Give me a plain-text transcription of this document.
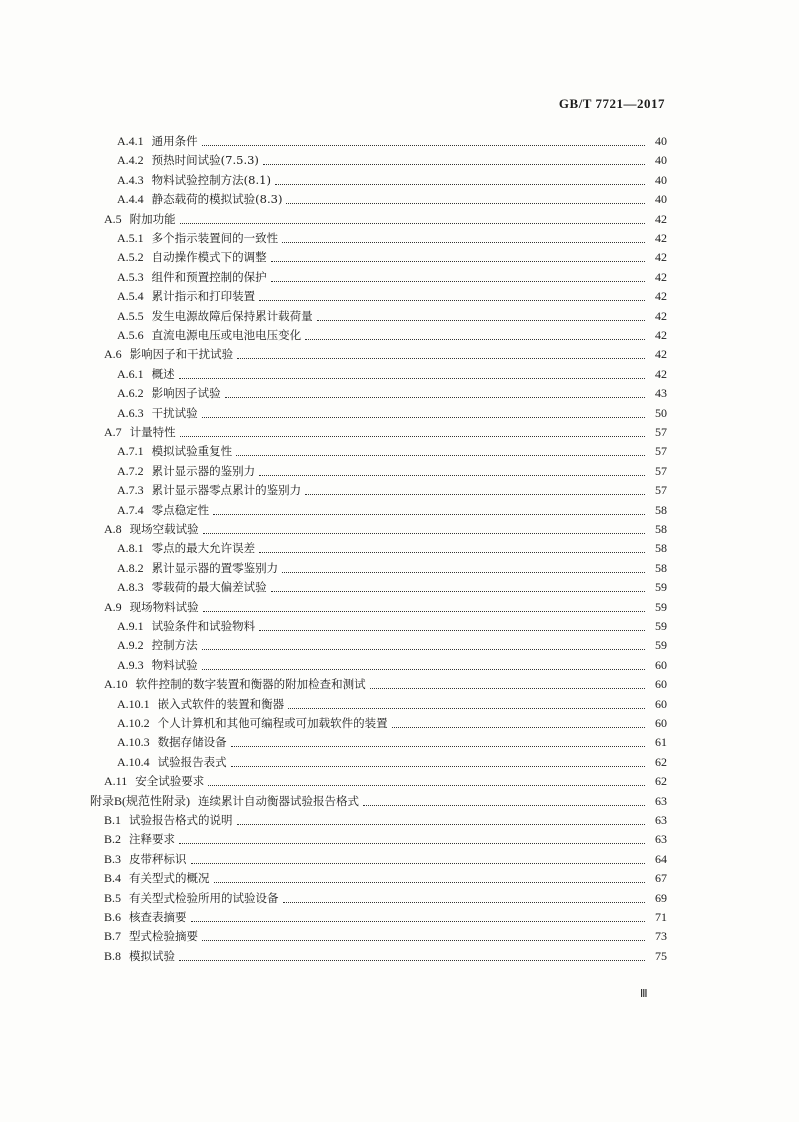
GB/T 7721—2017
A.4.1 通用条件	40
A.4.2 预热时间试验(7.5.3)	40
A.4.3 物料试验控制方法(8.1)	40
A.4.4 静态载荷的模拟试验(8.3)	40
A.5 附加功能	42
A.5.1 多个指示装置间的一致性	42
A.5.2 自动操作模式下的调整	42
A.5.3 组件和预置控制的保护	42
A.5.4 累计指示和打印装置	42
A.5.5 发生电源故障后保持累计载荷量	42
A.5.6 直流电源电压或电池电压变化	42
A.6 影响因子和干扰试验	42
A.6.1 概述	42
A.6.2 影响因子试验	43
A.6.3 干扰试验	50
A.7 计量特性	57
A.7.1 模拟试验重复性	57
A.7.2 累计显示器的鉴别力	57
A.7.3 累计显示器零点累计的鉴别力	57
A.7.4 零点稳定性	58
A.8 现场空载试验	58
A.8.1 零点的最大允许误差	58
A.8.2 累计显示器的置零鉴别力	58
A.8.3 零载荷的最大偏差试验	59
A.9 现场物料试验	59
A.9.1 试验条件和试验物料	59
A.9.2 控制方法	59
A.9.3 物料试验	60
A.10 软件控制的数字装置和衡器的附加检查和测试	60
A.10.1 嵌入式软件的装置和衡器	60
A.10.2 个人计算机和其他可编程或可加载软件的装置	60
A.10.3 数据存储设备	61
A.10.4 试验报告表式	62
A.11 安全试验要求	62
附录B(规范性附录) 连续累计自动衡器试验报告格式	63
B.1 试验报告格式的说明	63
B.2 注释要求	63
B.3 皮带秤标识	64
B.4 有关型式的概况	67
B.5 有关型式检验所用的试验设备	69
B.6 核查表摘要	71
B.7 型式检验摘要	73
B.8 模拟试验	75
Ⅲ
